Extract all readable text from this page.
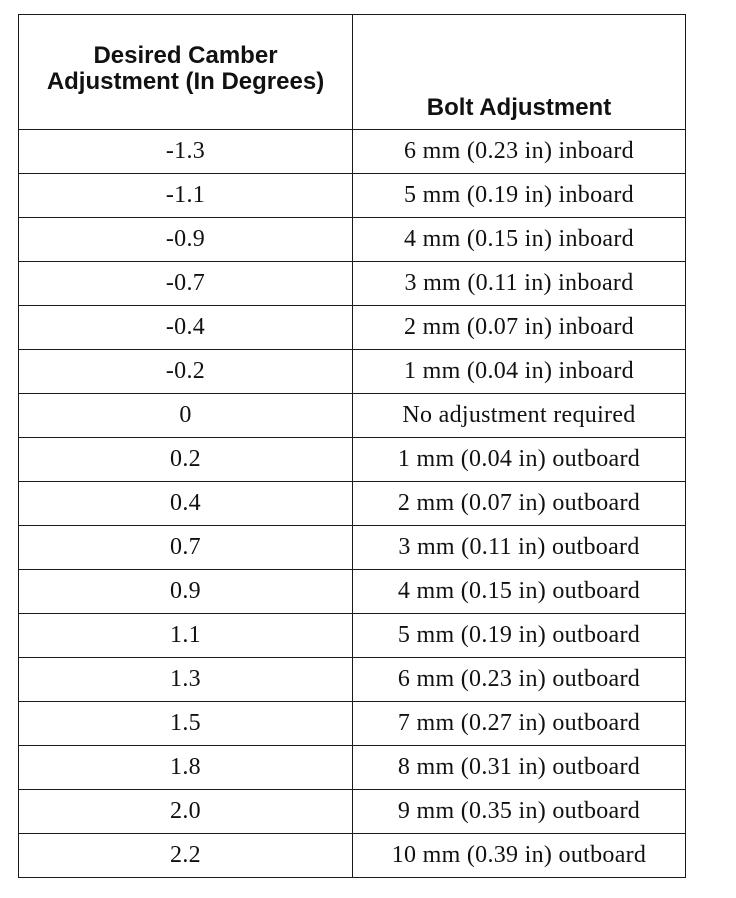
Desired Camber Adjustment (In Degrees)	Bolt Adjustment
-1.3	6 mm (0.23 in) inboard
-1.1	5 mm (0.19 in) inboard
-0.9	4 mm (0.15 in) inboard
-0.7	3 mm (0.11 in) inboard
-0.4	2 mm (0.07 in) inboard
-0.2	1 mm (0.04 in) inboard
0	No adjustment required
0.2	1 mm (0.04 in) outboard
0.4	2 mm (0.07 in) outboard
0.7	3 mm (0.11 in) outboard
0.9	4 mm (0.15 in) outboard
1.1	5 mm (0.19 in) outboard
1.3	6 mm (0.23 in) outboard
1.5	7 mm (0.27 in) outboard
1.8	8 mm (0.31 in) outboard
2.0	9 mm (0.35 in) outboard
2.2	10 mm (0.39 in) outboard
